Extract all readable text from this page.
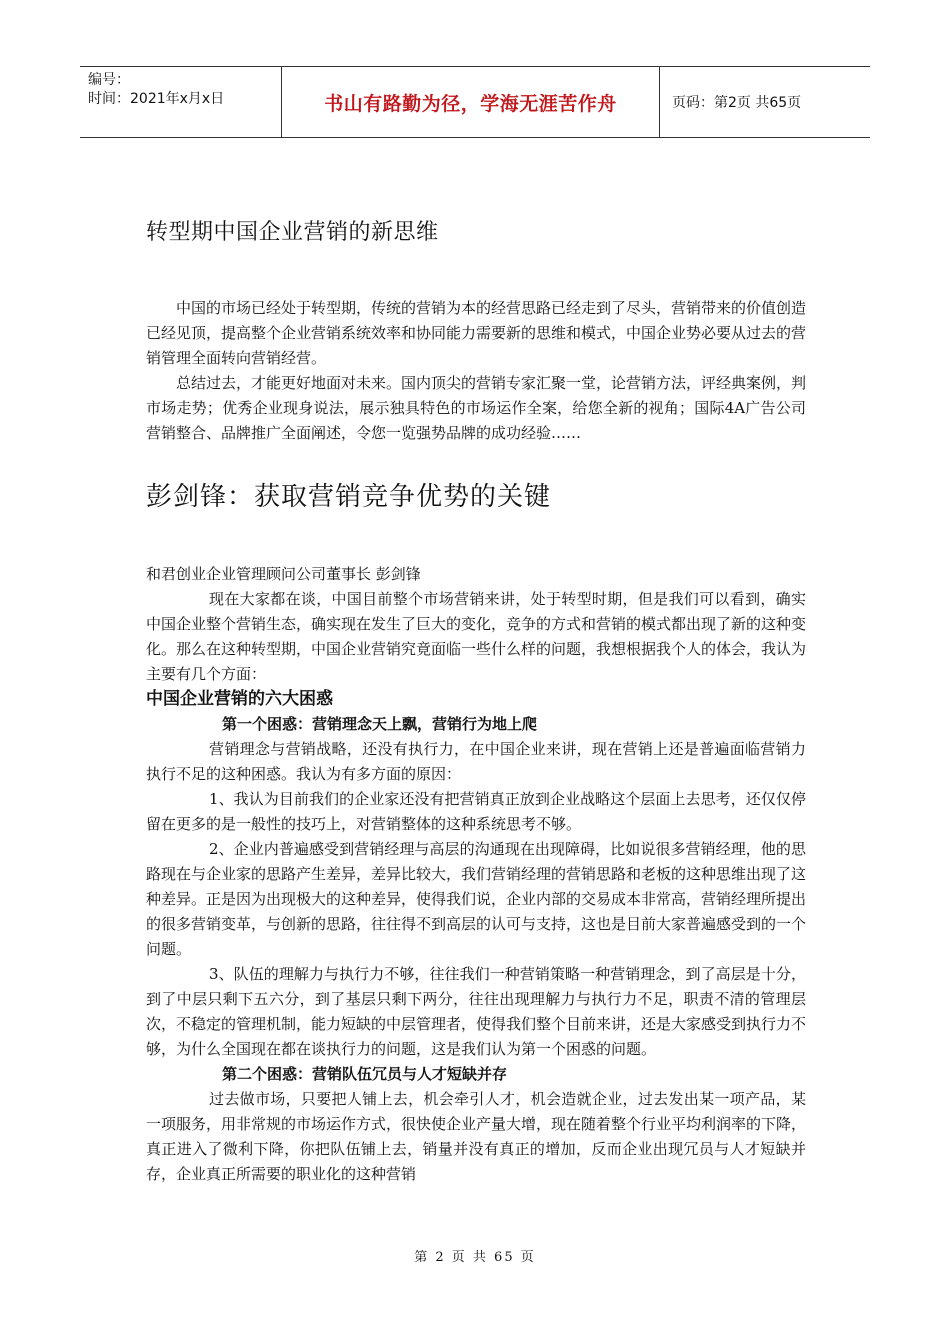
编号：
时间：2021年x月x日	书山有路勤为径，学海无涯苦作舟	页码：第2页 共65页
转型期中国企业营销的新思维

中国的市场已经处于转型期，传统的营销为本的经营思路已经走到了尽头，营销带来的价值创造已经见顶，提高整个企业营销系统效率和协同能力需要新的思维和模式，中国企业势必要从过去的营销管理全面转向营销经营。

总结过去，才能更好地面对未来。国内顶尖的营销专家汇聚一堂，论营销方法，评经典案例，判市场走势；优秀企业现身说法，展示独具特色的市场运作全案，给您全新的视角；国际4A广告公司营销整合、品牌推广全面阐述，令您一览强势品牌的成功经验……

彭剑锋：获取营销竞争优势的关键

和君创业企业管理顾问公司董事长 彭剑锋

现在大家都在谈，中国目前整个市场营销来讲，处于转型时期，但是我们可以看到，确实中国企业整个营销生态，确实现在发生了巨大的变化，竞争的方式和营销的模式都出现了新的这种变化。那么在这种转型期，中国企业营销究竟面临一些什么样的问题，我想根据我个人的体会，我认为主要有几个方面：

中国企业营销的六大困惑

第一个困惑：营销理念天上飘，营销行为地上爬

营销理念与营销战略，还没有执行力，在中国企业来讲，现在营销上还是普遍面临营销力执行不足的这种困惑。我认为有多方面的原因：

1、我认为目前我们的企业家还没有把营销真正放到企业战略这个层面上去思考，还仅仅停留在更多的是一般性的技巧上，对营销整体的这种系统思考不够。

2、企业内普遍感受到营销经理与高层的沟通现在出现障碍，比如说很多营销经理，他的思路现在与企业家的思路产生差异，差异比较大，我们营销经理的营销思路和老板的这种思维出现了这种差异。正是因为出现极大的这种差异，使得我们说，企业内部的交易成本非常高，营销经理所提出的很多营销变革，与创新的思路，往往得不到高层的认可与支持，这也是目前大家普遍感受到的一个问题。

3、队伍的理解力与执行力不够，往往我们一种营销策略一种营销理念，到了高层是十分，到了中层只剩下五六分，到了基层只剩下两分，往往出现理解力与执行力不足，职责不清的管理层次，不稳定的管理机制，能力短缺的中层管理者，使得我们整个目前来讲，还是大家感受到执行力不够，为什么全国现在都在谈执行力的问题，这是我们认为第一个困惑的问题。

第二个困惑：营销队伍冗员与人才短缺并存

过去做市场，只要把人铺上去，机会牵引人才，机会造就企业，过去发出某一项产品，某一项服务，用非常规的市场运作方式，很快使企业产量大增，现在随着整个行业平均利润率的下降，真正进入了微利下降，你把队伍铺上去，销量并没有真正的增加，反而企业出现冗员与人才短缺并存，企业真正所需要的职业化的这种营销

第 2 页 共 65 页
